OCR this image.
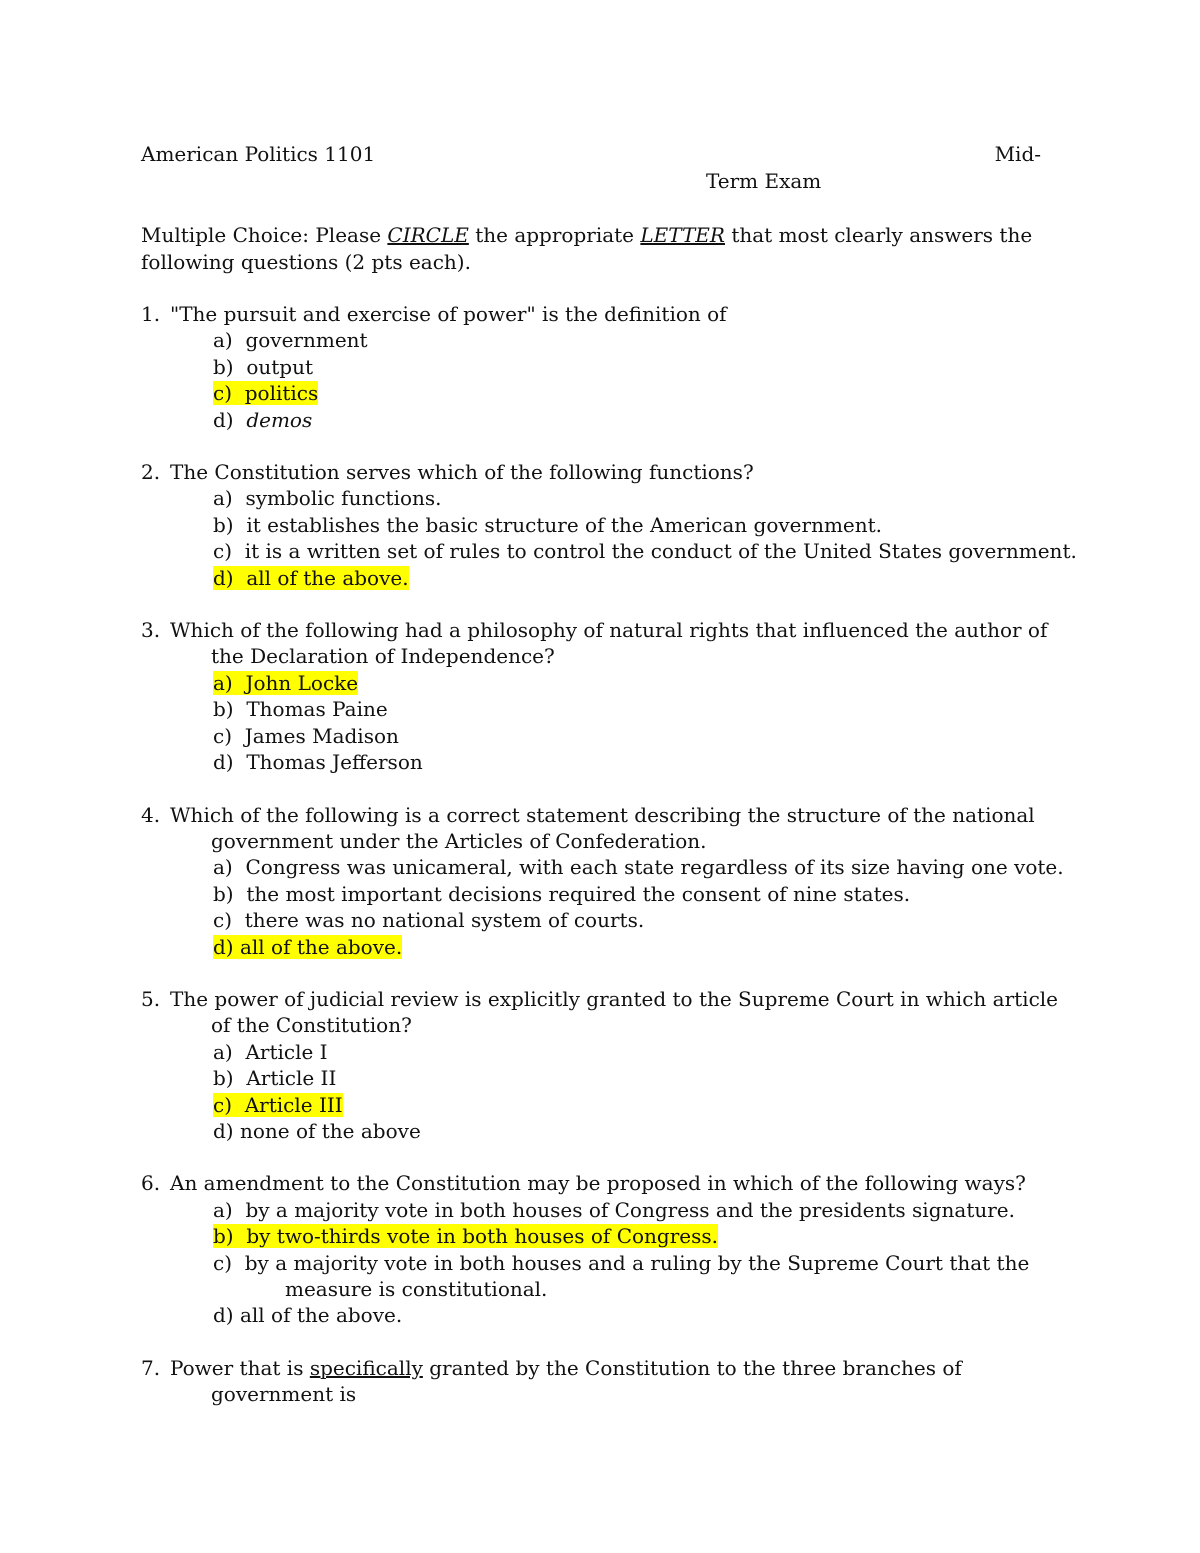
American Politics 1101	Mid-
Term Exam
Multiple Choice: Please CIRCLE the appropriate LETTER that most clearly answers the following questions (2 pts each).
1. "The pursuit and exercise of power" is the definition of
a) government
b) output
c) politics
d) demos
2. The Constitution serves which of the following functions?
a) symbolic functions.
b) it establishes the basic structure of the American government.
c) it is a written set of rules to control the conduct of the United States government.
d) all of the above.
3. Which of the following had a philosophy of natural rights that influenced the author of
the Declaration of Independence?
a) John Locke
b) Thomas Paine
c) James Madison
d) Thomas Jefferson
4. Which of the following is a correct statement describing the structure of the national
government under the Articles of Confederation.
a) Congress was unicameral, with each state regardless of its size having one vote.
b) the most important decisions required the consent of nine states.
c) there was no national system of courts.
d) all of the above.
5. The power of judicial review is explicitly granted to the Supreme Court in which article
of the Constitution?
a) Article I
b) Article II
c) Article III
d) none of the above
6. An amendment to the Constitution may be proposed in which of the following ways?
a) by a majority vote in both houses of Congress and the presidents signature.
b) by two-thirds vote in both houses of Congress.
c) by a majority vote in both houses and a ruling by the Supreme Court that the
measure is constitutional.
d) all of the above.
7. Power that is specifically granted by the Constitution to the three branches of
government is
